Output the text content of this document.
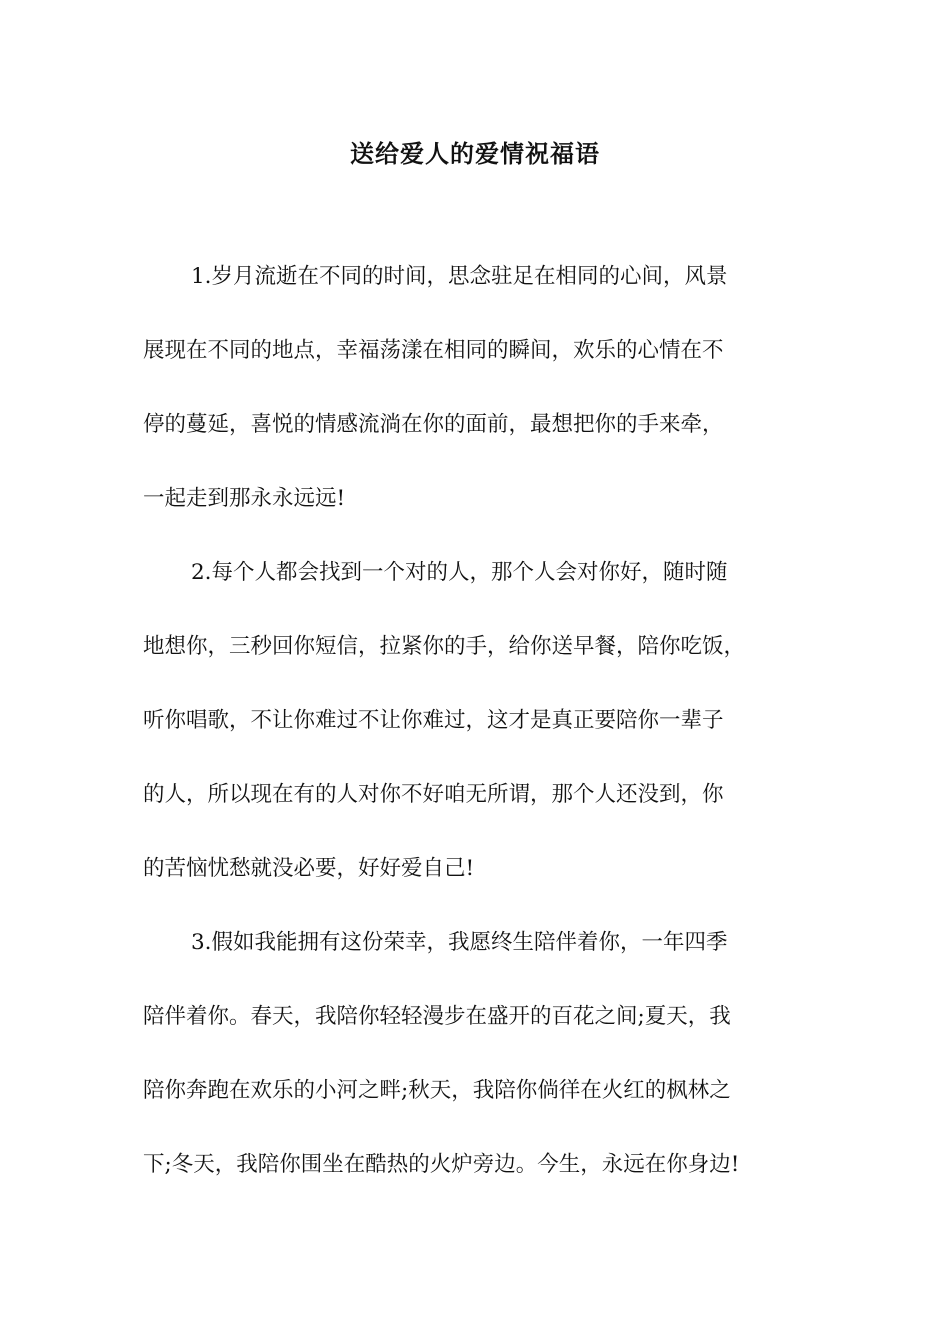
送给爱人的爱情祝福语
1.岁月流逝在不同的时间，思念驻足在相同的心间，风景
展现在不同的地点，幸福荡漾在相同的瞬间，欢乐的心情在不
停的蔓延，喜悦的情感流淌在你的面前，最想把你的手来牵，
一起走到那永永远远!
2.每个人都会找到一个对的人，那个人会对你好，随时随
地想你，三秒回你短信，拉紧你的手，给你送早餐，陪你吃饭，
听你唱歌，不让你难过不让你难过，这才是真正要陪你一辈子
的人，所以现在有的人对你不好咱无所谓，那个人还没到，你
的苦恼忧愁就没必要，好好爱自己!
3.假如我能拥有这份荣幸，我愿终生陪伴着你，一年四季
陪伴着你。春天，我陪你轻轻漫步在盛开的百花之间;夏天，我
陪你奔跑在欢乐的小河之畔;秋天，我陪你倘徉在火红的枫林之
下;冬天，我陪你围坐在酷热的火炉旁边。今生，永远在你身边!
